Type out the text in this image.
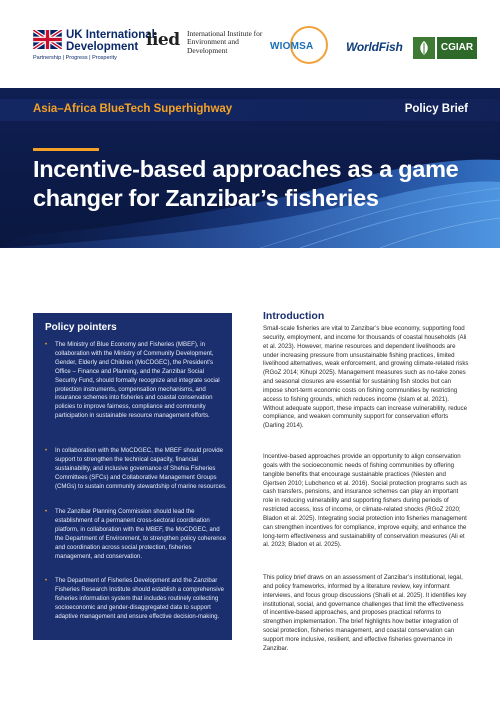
UK International
Development
Partnership | Progress | Prosperity
iied International Institute for Environment and Development	WIOMSA	WorldFish	CGIAR
Asia–Africa BlueTech Superhighway	Policy Brief
Incentive-based approaches as a game changer for Zanzibar’s fisheries
Policy pointers
•	The Ministry of Blue Economy and Fisheries (MBEF), in collaboration with the Ministry of Community Development, Gender, Elderly and Children (MoCDGEC), the President’s Office – Finance and Planning, and the Zanzibar Social Security Fund, should formally recognize and integrate social protection instruments, compensation mechanisms, and insurance schemes into fisheries and coastal conservation policies to improve fairness, compliance and community participation in sustainable resource management efforts.
•	In collaboration with the MoCDGEC, the MBEF should provide support to strengthen the technical capacity, financial sustainability, and inclusive governance of Shehia Fisheries Committees (SFCs) and Collaborative Management Groups (CMGs) to sustain community stewardship of marine resources.
•	The Zanzibar Planning Commission should lead the establishment of a permanent cross-sectoral coordination platform, in collaboration with the MBEF, the MoCDGEC, and the Department of Environment, to strengthen policy coherence and coordination across social protection, fisheries management, and conservation.
•	The Department of Fisheries Development and the Zanzibar Fisheries Research Institute should establish a comprehensive fisheries information system that includes routinely collecting socioeconomic and gender-disaggregated data to support adaptive management and ensure effective decision-making.
Introduction

Small-scale fisheries are vital to Zanzibar’s blue economy, supporting food security, employment, and income for thousands of coastal households (Ali et al. 2023). However, marine resources and dependent livelihoods are under increasing pressure from unsustainable fishing practices, limited livelihood alternatives, weak enforcement, and growing climate-related risks (RGoZ 2014; Kihupi 2025). Management measures such as no-take zones and seasonal closures are essential for sustaining fish stocks but can impose short-term economic costs on fishing communities by restricting access to fishing grounds, which reduces income (Islam et al. 2021). Without adequate support, these impacts can increase vulnerability, reduce compliance, and weaken community support for conservation efforts (Darling 2014).

Incentive-based approaches provide an opportunity to align conservation goals with the socioeconomic needs of fishing communities by offering tangible benefits that encourage sustainable practices (Niesten and Gjertsen 2010; Lubchenco et al. 2016). Social protection programs such as cash transfers, pensions, and insurance schemes can play an important role in reducing vulnerability and supporting fishers during periods of restricted access, loss of income, or climate-related shocks (RGoZ 2020; Bladon et al. 2025). Integrating social protection into fisheries management can strengthen incentives for compliance, improve equity, and enhance the long-term effectiveness and sustainability of conservation measures (Ali et al. 2023; Bladon et al. 2025).

This policy brief draws on an assessment of Zanzibar’s institutional, legal, and policy frameworks, informed by a literature review, key informant interviews, and focus group discussions (Shalli et al. 2025). It identifies key institutional, social, and governance challenges that limit the effectiveness of incentive-based approaches, and proposes practical reforms to strengthen implementation. The brief highlights how better integration of social protection, fisheries management, and coastal conservation can support more inclusive, resilient, and effective fisheries governance in Zanzibar.
